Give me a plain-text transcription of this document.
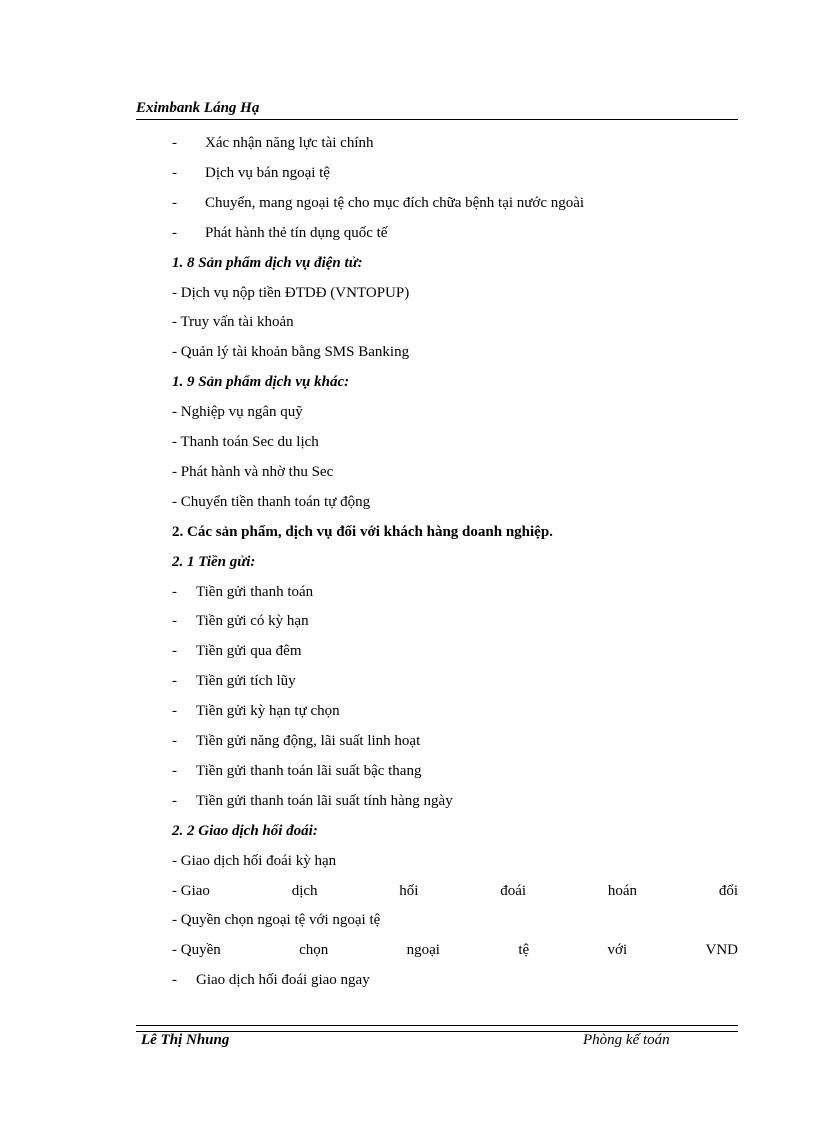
Eximbank Láng Hạ
- Xác nhận năng lực tài chính
- Dịch vụ bán ngoại tệ
- Chuyển, mang ngoại tệ cho mục đích chữa bệnh tại nước ngoài
- Phát hành thẻ tín dụng quốc tế
1. 8 Sản phẩm dịch vụ điện tử:
- Dịch vụ nộp tiền ĐTDĐ (VNTOPUP)
- Truy vấn tài khoản
- Quản lý tài khoản bằng SMS Banking
1. 9 Sản phẩm dịch vụ khác:
- Nghiệp vụ ngân quỹ
- Thanh toán Sec du lịch
- Phát hành và nhờ thu Sec
- Chuyển tiền thanh toán tự động
2. Các sản phẩm, dịch vụ đối với khách hàng doanh nghiệp.
2. 1 Tiền gửi:
- Tiền gửi thanh toán
- Tiền gửi có kỳ hạn
- Tiền gửi qua đêm
- Tiền gửi tích lũy
- Tiền gửi kỳ hạn tự chọn
- Tiền gửi năng động, lãi suất linh hoạt
- Tiền gửi thanh toán lãi suất bậc thang
- Tiền gửi thanh toán lãi suất tính hàng ngày
2. 2 Giao dịch hối đoái:
- Giao dịch hối đoái kỳ hạn
- Giao	dịch	hối	đoái	hoán	đổi
- Quyền chọn ngoại tệ với ngoại tệ
- Quyền	chọn	ngoại	tệ	với	VND
- Giao dịch hối đoái giao ngay
Lê Thị Nhung	Phòng kế toán
